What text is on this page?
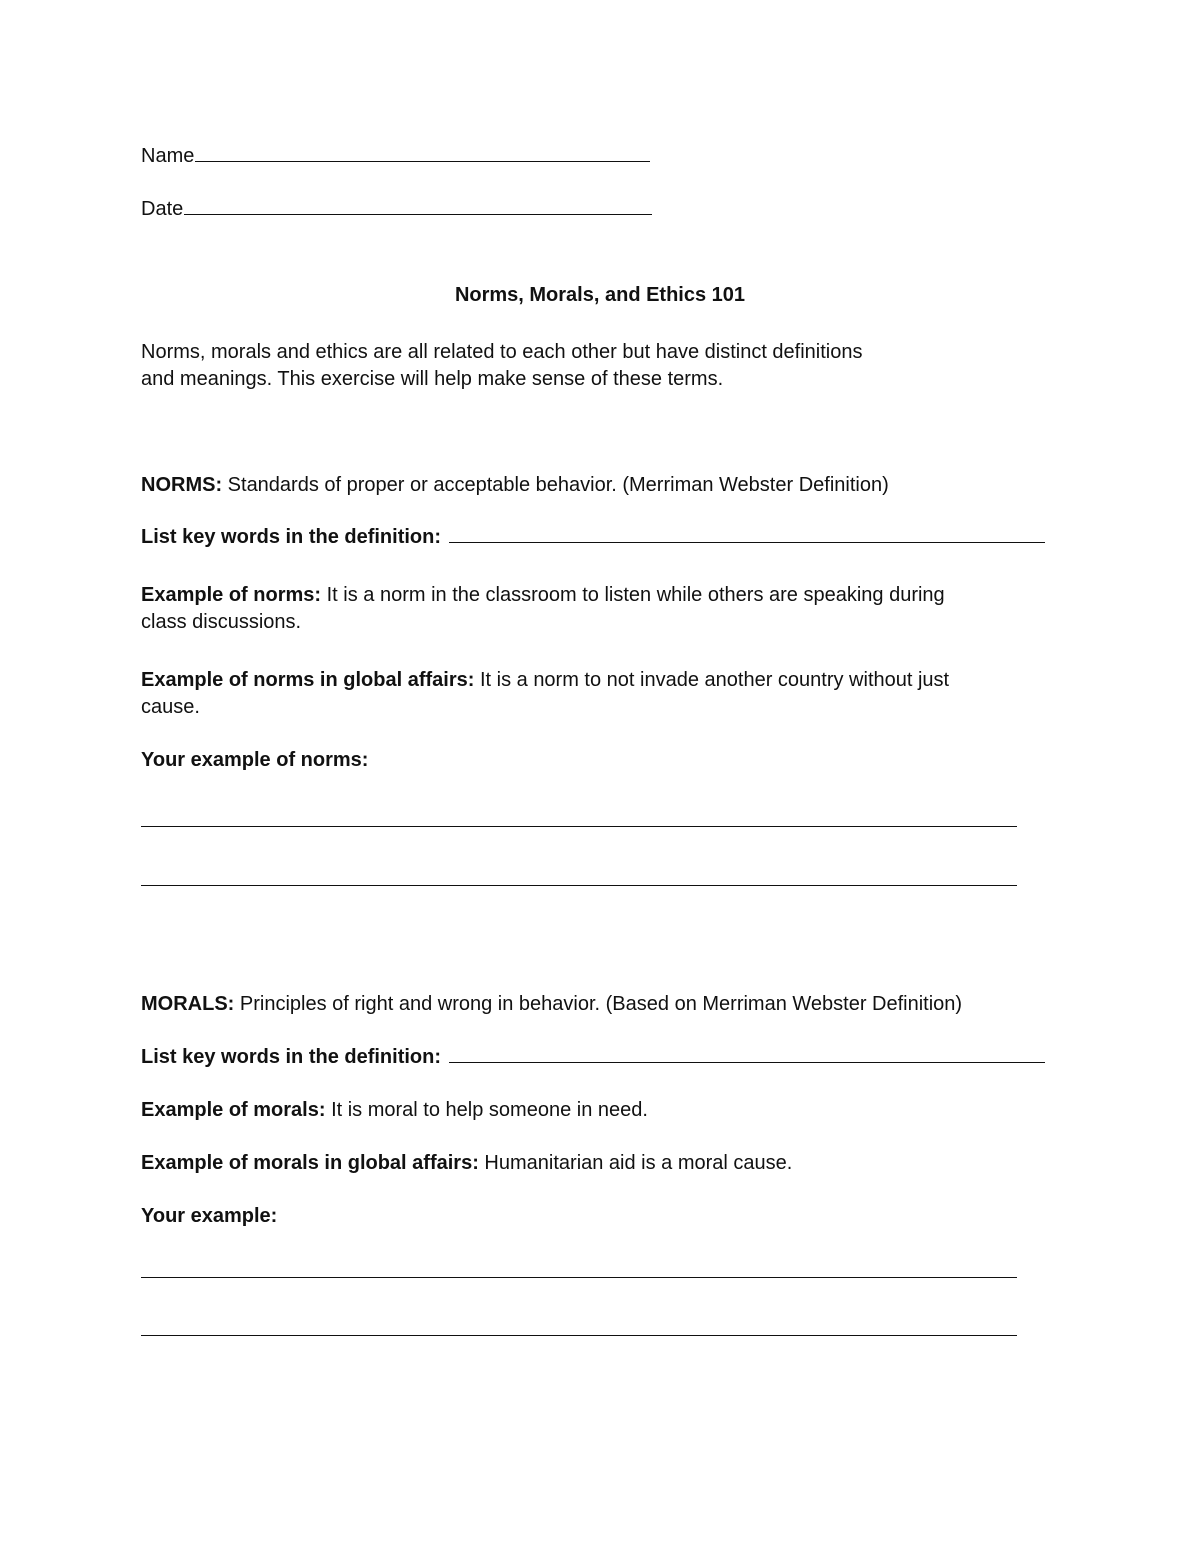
Name
Date
Norms, Morals, and Ethics 101
Norms, morals and ethics are all related to each other but have distinct definitions
and meanings. This exercise will help make sense of these terms.
NORMS: Standards of proper or acceptable behavior. (Merriman Webster Definition)
List key words in the definition:
Example of norms: It is a norm in the classroom to listen while others are speaking during
class discussions.
Example of norms in global affairs: It is a norm to not invade another country without just
cause.
Your example of norms:
MORALS: Principles of right and wrong in behavior. (Based on Merriman Webster Definition)
List key words in the definition:
Example of morals: It is moral to help someone in need.
Example of morals in global affairs: Humanitarian aid is a moral cause.
Your example:
